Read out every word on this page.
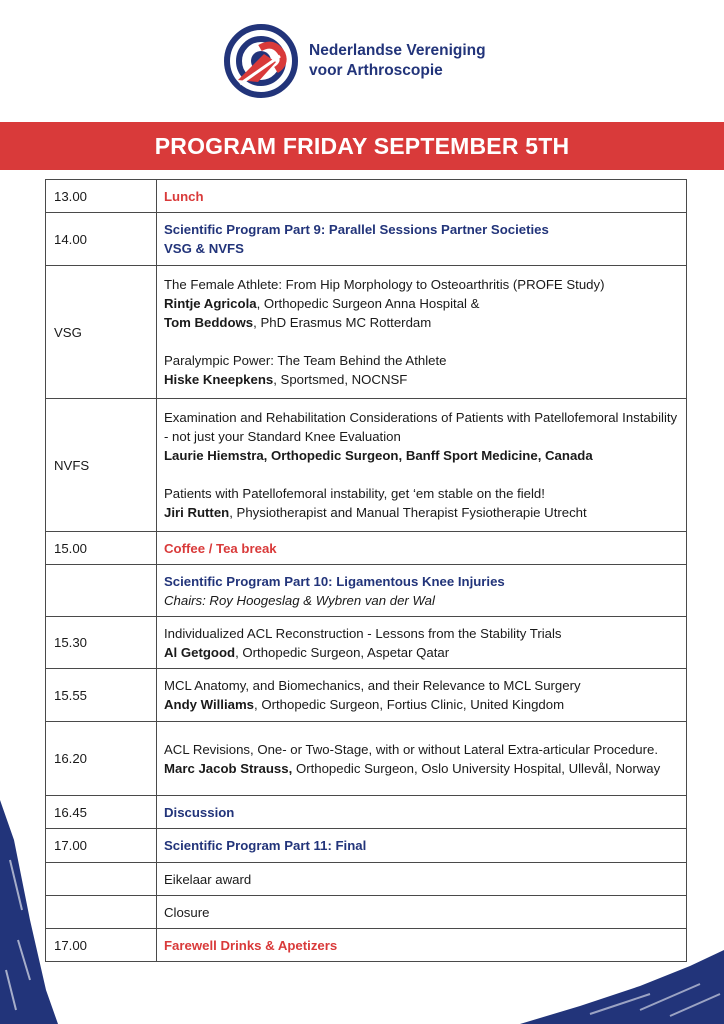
Nederlandse Vereniging
voor Arthroscopie
PROGRAM FRIDAY SEPTEMBER 5TH
13.00	Lunch
14.00	Scientific Program Part 9: Parallel Sessions Partner Societies
VSG & NVFS

VSG	The Female Athlete: From Hip Morphology to Osteoarthritis (PROFE Study)
Rintje Agricola, Orthopedic Surgeon Anna Hospital &
Tom Beddows, PhD Erasmus MC Rotterdam
Paralympic Power: The Team Behind the Athlete
Hiske Kneepkens, Sportsmed, NOCNSF

NVFS	Examination and Rehabilitation Considerations of Patients with Patellofemoral Instability - not just your Standard Knee Evaluation
Laurie Hiemstra, Orthopedic Surgeon, Banff Sport Medicine, Canada
Patients with Patellofemoral instability, get ‘em stable on the field!
Jiri Rutten, Physiotherapist and Manual Therapist Fysiotherapie Utrecht

15.00	Coffee / Tea break

	Scientific Program Part 10: Ligamentous Knee Injuries
Chairs: Roy Hoogeslag & Wybren van der Wal

15.30	Individualized ACL Reconstruction - Lessons from the Stability Trials
Al Getgood, Orthopedic Surgeon, Aspetar Qatar

15.55	MCL Anatomy, and Biomechanics, and their Relevance to MCL Surgery
Andy Williams, Orthopedic Surgeon, Fortius Clinic, United Kingdom

16.20	ACL Revisions, One- or Two-Stage, with or without Lateral Extra-articular Procedure.
Marc Jacob Strauss, Orthopedic Surgeon, Oslo University Hospital, Ullevål, Norway

16.45	Discussion
17.00	Scientific Program Part 11: Final
	Eikelaar award
	Closure
17.00	Farewell Drinks & Apetizers
